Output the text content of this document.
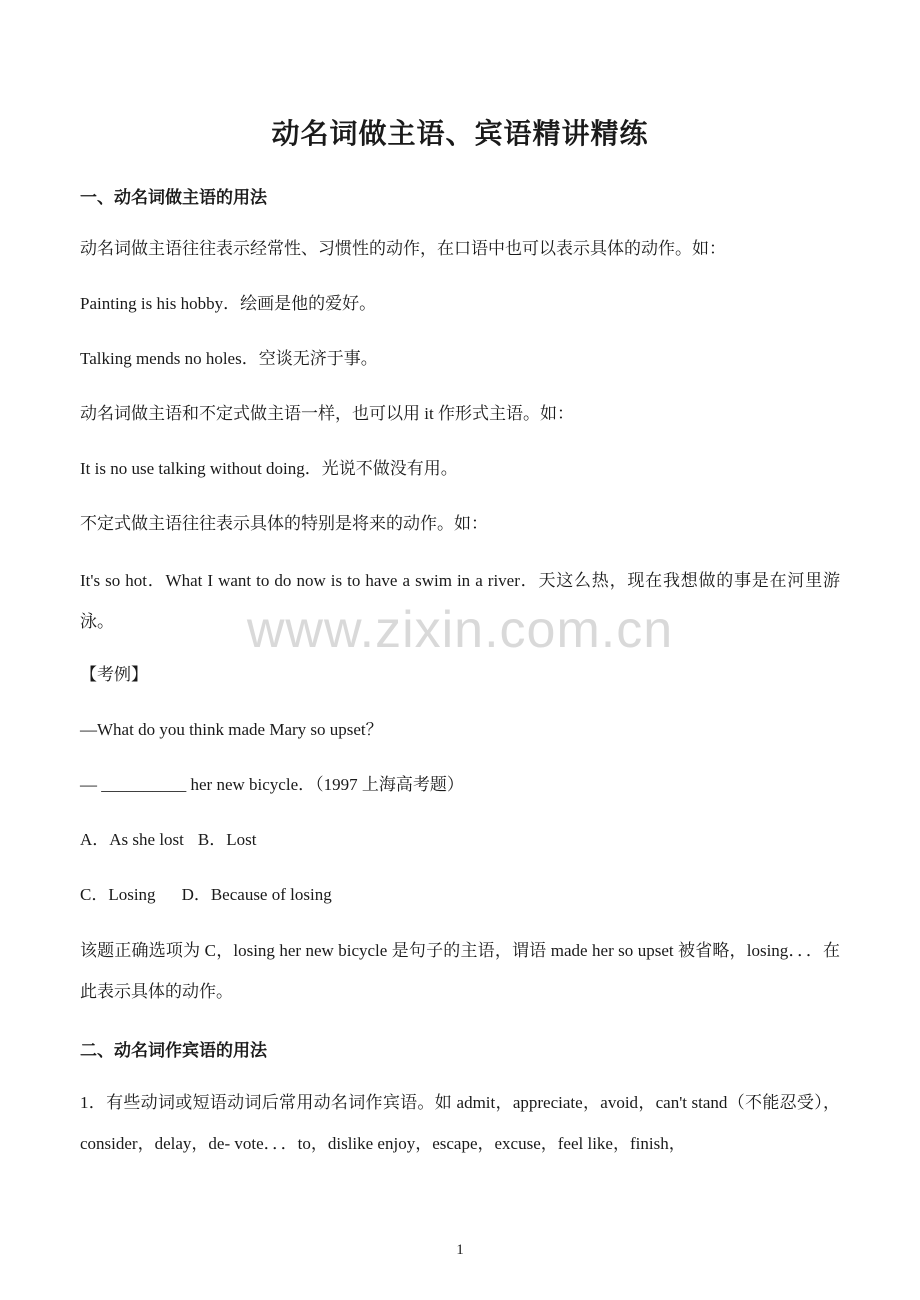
动名词做主语、宾语精讲精练
一、动名词做主语的用法

动名词做主语往往表示经常性、习惯性的动作，在口语中也可以表示具体的动作。如：

Painting is his hobby．绘画是他的爱好。

Talking mends no holes．空谈无济于事。

动名词做主语和不定式做主语一样，也可以用 it 作形式主语。如：

It is no use talking without doing．光说不做没有用。

不定式做主语往往表示具体的特别是将来的动作。如：

It's so hot．What I want to do now is to have a swim in a river．天这么热，现在我想做的事是在河里游泳。

【考例】

—What do you think made Mary so upset？

— __________ her new bicycle．（1997 上海高考题）

A．As she lost B．Lost

C．Losing D．Because of losing

该题正确选项为 C，losing her new bicycle 是句子的主语，谓语 made her so upset 被省略，losing．．．在此表示具体的动作。

二、动名词作宾语的用法

1．有些动词或短语动词后常用动名词作宾语。如 admit，appreciate，avoid，can't stand（不能忍受），consider，delay，de- vote．．．to，dislike enjoy，escape，excuse，feel like，finish，

www.zixin.com.cn
1
